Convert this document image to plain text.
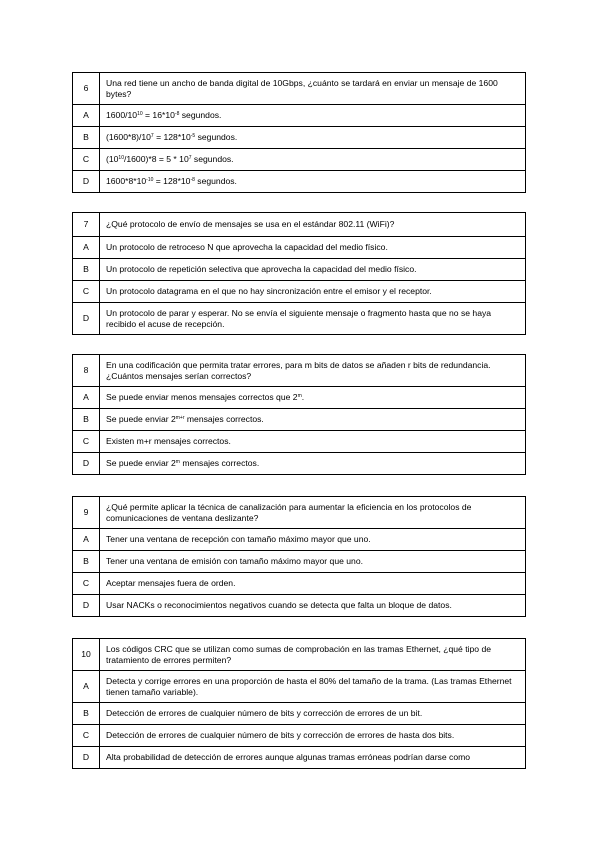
6	Una red tiene un ancho de banda digital de 10Gbps, ¿cuánto se tardará en enviar un mensaje de 1600 bytes?
A	$1600/10^{10} = 16*10^{-8}$ segundos.
B	$(1600*8)/10^7 = 128*10^{-5}$ segundos.
C	$(10^{10}/1600)*8 = 5 * 10^7$ segundos.
D	$1600*8*10^{-10} = 128*10^{-8}$ segundos.
7	¿Qué protocolo de envío de mensajes se usa en el estándar 802.11 (WiFi)?
A	Un protocolo de retroceso N que aprovecha la capacidad del medio físico.
B	Un protocolo de repetición selectiva que aprovecha la capacidad del medio físico.
C	Un protocolo datagrama en el que no hay sincronización entre el emisor y el receptor.
D	Un protocolo de parar y esperar. No se envía el siguiente mensaje o fragmento hasta que no se haya recibido el acuse de recepción.
8	En una codificación que permita tratar errores, para m bits de datos se añaden r bits de redundancia. ¿Cuántos mensajes serían correctos?
A	Se puede enviar menos mensajes correctos que 2$^m$.
B	Se puede enviar $2^{m+r}$ mensajes correctos.
C	Existen m+r mensajes correctos.
D	Se puede enviar 2$^m$ mensajes correctos.
9	¿Qué permite aplicar la técnica de canalización para aumentar la eficiencia en los protocolos de comunicaciones de ventana deslizante?
A	Tener una ventana de recepción con tamaño máximo mayor que uno.
B	Tener una ventana de emisión con tamaño máximo mayor que uno.
C	Aceptar mensajes fuera de orden.
D	Usar NACKs o reconocimientos negativos cuando se detecta que falta un bloque de datos.
10	Los códigos CRC que se utilizan como sumas de comprobación en las tramas Ethernet, ¿qué tipo de tratamiento de errores permiten?
A	Detecta y corrige errores en una proporción de hasta el 80% del tamaño de la trama. (Las tramas Ethernet tienen tamaño variable).
B	Detección de errores de cualquier número de bits y corrección de errores de un bit.
C	Detección de errores de cualquier número de bits y corrección de errores de hasta dos bits.
D	Alta probabilidad de detección de errores aunque algunas tramas erróneas podrían darse como
